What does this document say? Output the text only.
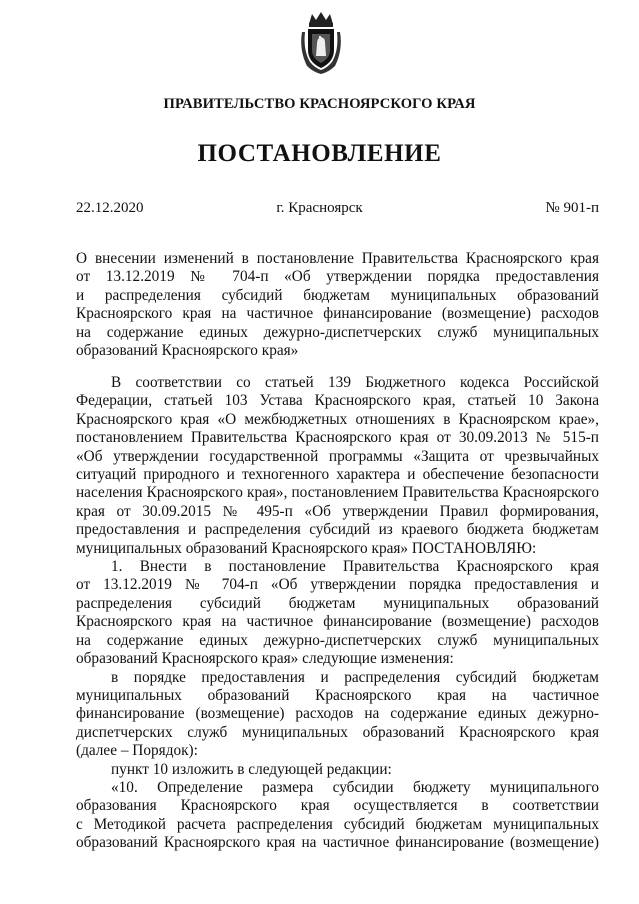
ПРАВИТЕЛЬСТВО КРАСНОЯРСКОГО КРАЯ
ПОСТАНОВЛЕНИЕ
22.12.2020	г. Красноярск	№ 901-п

О внесении изменений в постановление Правительства Красноярского края
от 13.12.2019 № 704-п «Об утверждении порядка предоставления
и распределения субсидий бюджетам муниципальных образований
Красноярского края на частичное финансирование (возмещение) расходов
на содержание единых дежурно-диспетчерских служб муниципальных
образований Красноярского края»

В соответствии со статьей 139 Бюджетного кодекса Российской
Федерации, статьей 103 Устава Красноярского края, статьей 10 Закона
Красноярского края «О межбюджетных отношениях в Красноярском крае»,
постановлением Правительства Красноярского края от 30.09.2013 № 515-п
«Об утверждении государственной программы «Защита от чрезвычайных
ситуаций природного и техногенного характера и обеспечение безопасности
населения Красноярского края», постановлением Правительства Красноярского
края от 30.09.2015 № 495-п «Об утверждении Правил формирования,
предоставления и распределения субсидий из краевого бюджета бюджетам
муниципальных образований Красноярского края» ПОСТАНОВЛЯЮ:

1. Внести в постановление Правительства Красноярского края
от 13.12.2019 № 704-п «Об утверждении порядка предоставления и
распределения субсидий бюджетам муниципальных образований
Красноярского края на частичное финансирование (возмещение) расходов
на содержание единых дежурно-диспетчерских служб муниципальных
образований Красноярского края» следующие изменения:

в порядке предоставления и распределения субсидий бюджетам
муниципальных образований Красноярского края на частичное
финансирование (возмещение) расходов на содержание единых дежурно-
диспетчерских служб муниципальных образований Красноярского края
(далее – Порядок):

пункт 10 изложить в следующей редакции:

«10. Определение размера субсидии бюджету муниципального
образования Красноярского края осуществляется в соответствии
с Методикой расчета распределения субсидий бюджетам муниципальных
образований Красноярского края на частичное финансирование (возмещение)
